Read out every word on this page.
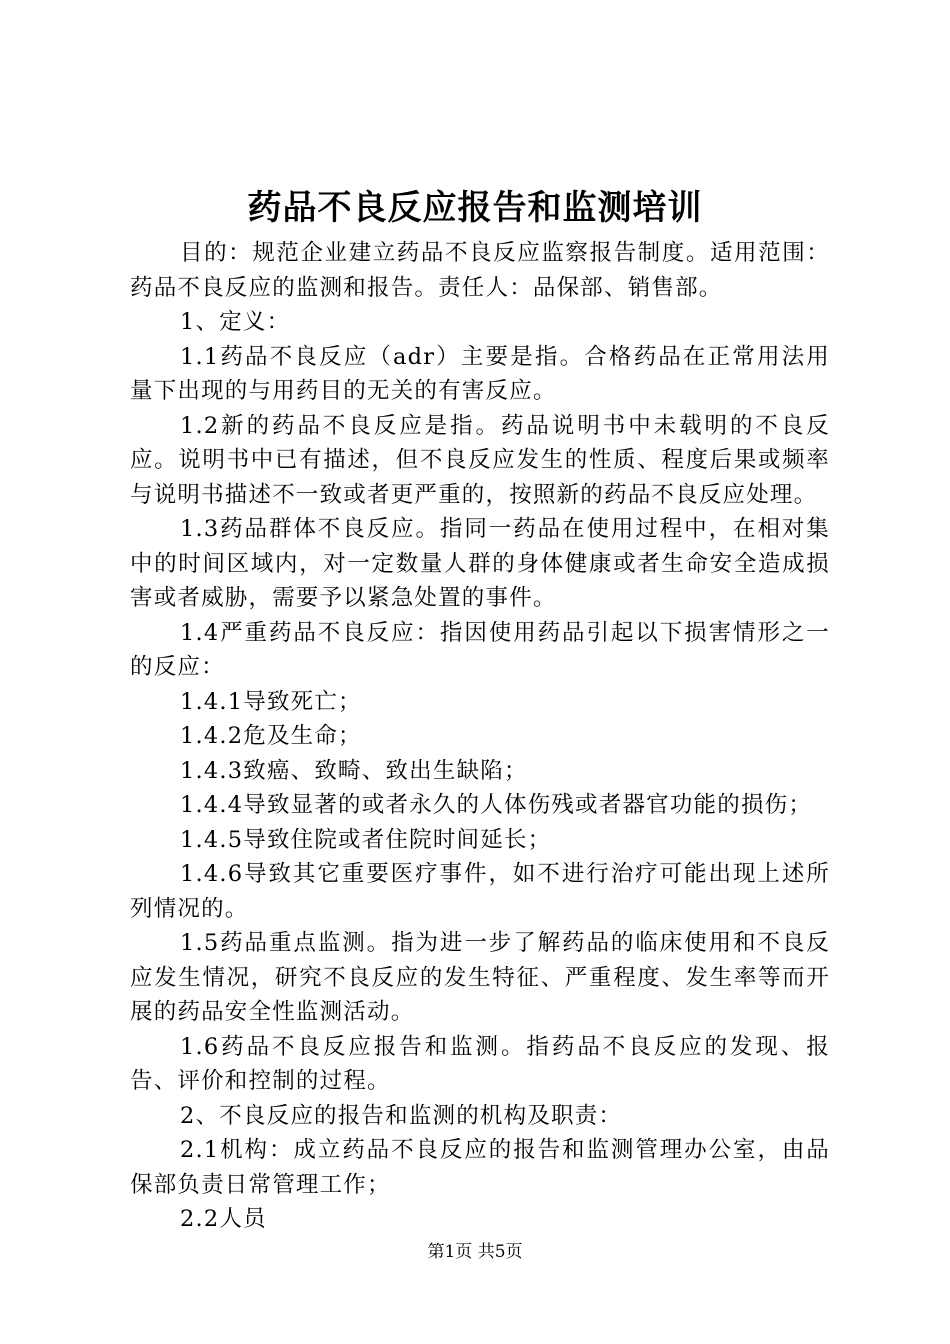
药品不良反应报告和监测培训

目的：规范企业建立药品不良反应监察报告制度。适用范围：药品不良反应的监测和报告。责任人：品保部、销售部。

1、定义：

1.1药品不良反应（adr）主要是指。合格药品在正常用法用量下出现的与用药目的无关的有害反应。

1.2新的药品不良反应是指。药品说明书中未载明的不良反应。说明书中已有描述，但不良反应发生的性质、程度后果或频率与说明书描述不一致或者更严重的，按照新的药品不良反应处理。

1.3药品群体不良反应。指同一药品在使用过程中，在相对集中的时间区域内，对一定数量人群的身体健康或者生命安全造成损害或者威胁，需要予以紧急处置的事件。

1.4严重药品不良反应：指因使用药品引起以下损害情形之一的反应：

1.4.1导致死亡；

1.4.2危及生命；

1.4.3致癌、致畸、致出生缺陷；

1.4.4导致显著的或者永久的人体伤残或者器官功能的损伤；

1.4.5导致住院或者住院时间延长；

1.4.6导致其它重要医疗事件，如不进行治疗可能出现上述所列情况的。

1.5药品重点监测。指为进一步了解药品的临床使用和不良反应发生情况，研究不良反应的发生特征、严重程度、发生率等而开展的药品安全性监测活动。

1.6药品不良反应报告和监测。指药品不良反应的发现、报告、评价和控制的过程。

2、不良反应的报告和监测的机构及职责：

2.1机构：成立药品不良反应的报告和监测管理办公室，由品保部负责日常管理工作；

2.2人员

第1页 共5页
